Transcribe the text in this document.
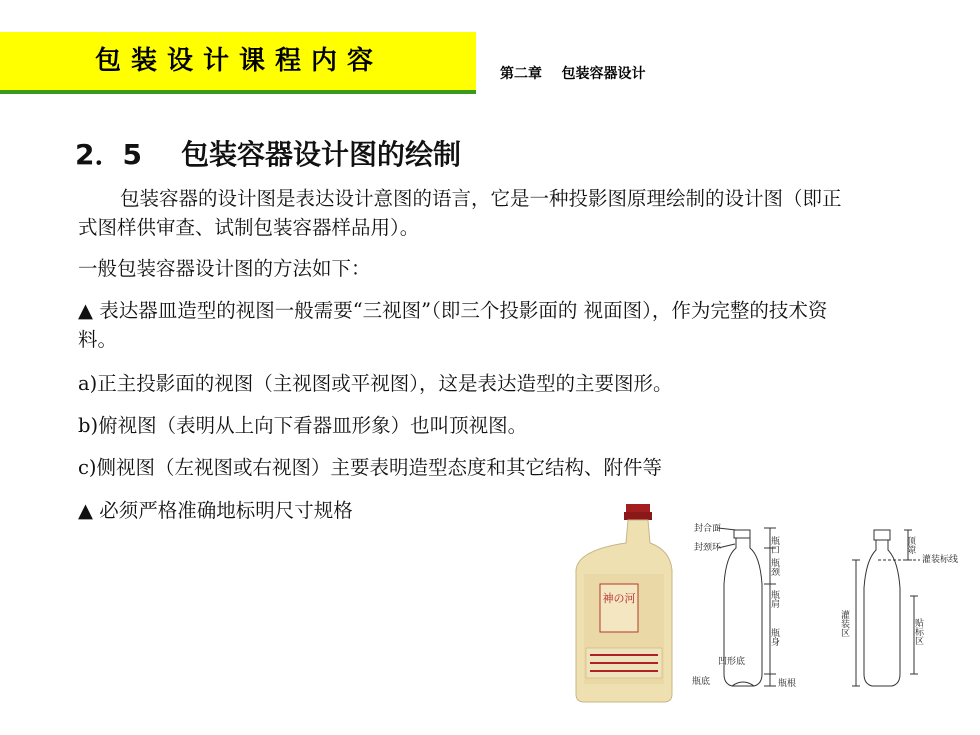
包装设计课程内容	第二章    包装容器设计
2．5    包装容器设计图的绘制
包装容器的设计图是表达设计意图的语言，它是一种投影图原理绘制的设计图（即正式图样供审查、试制包装容器样品用）。
一般包装容器设计图的方法如下：
▲ 表达器皿造型的视图一般需要“三视图”（即三个投影面的 视面图），作为完整的技术资料。
a)正主投影面的视图（主视图或平视图），这是表达造型的主要图形。
b)俯视图（表明从上向下看器皿形象）也叫顶视图。
c)侧视图（左视图或右视图）主要表明造型态度和其它结构、附件等
▲ 必须严格准确地标明尺寸规格
神の河
封合面
封颈环	瓶口
瓶颈
瓶肩
瓶身
凹形底
瓶底	瓶根
灌装标线
顶隙
灌装区	贴标区
